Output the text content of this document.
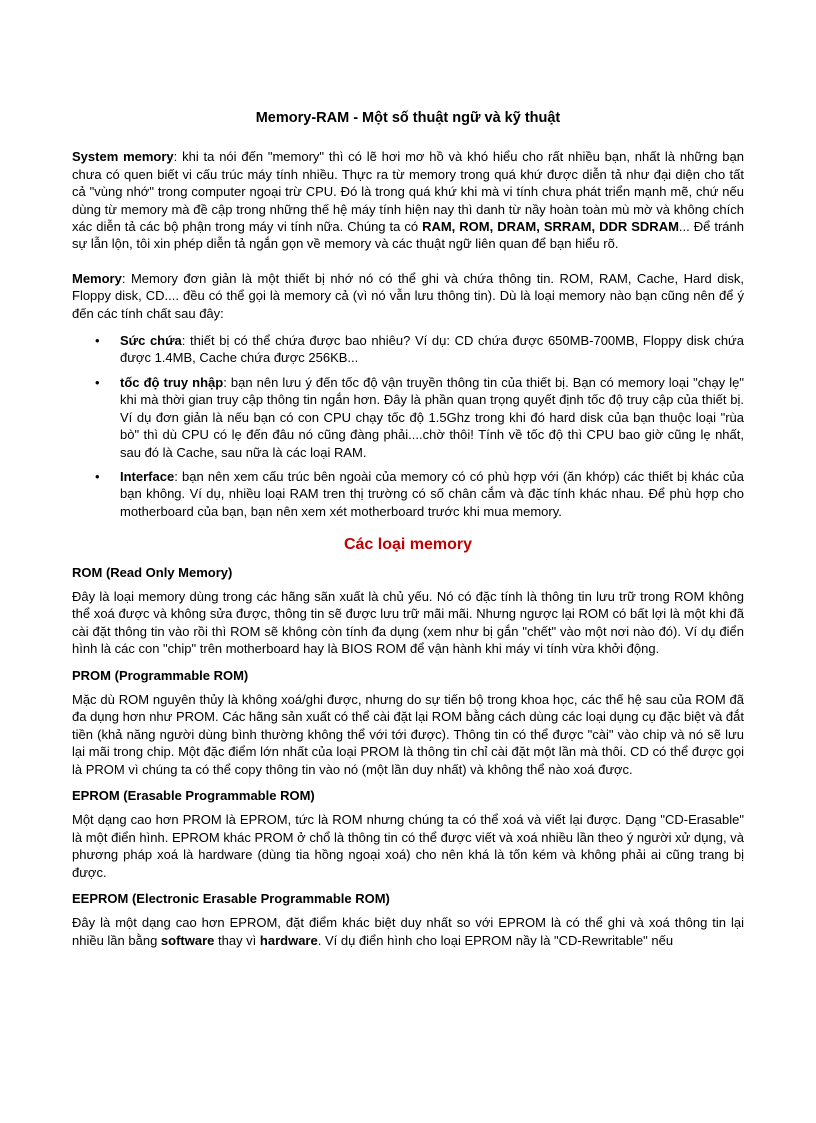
Memory-RAM - Một số thuật ngữ và kỹ thuật

System memory: khi ta nói đến "memory" thì có lẽ hơi mơ hồ và khó hiểu cho rất nhiều bạn, nhất là những bạn chưa có quen biết vi cấu trúc máy tính nhiều. Thực ra từ memory trong quá khứ được diễn tả như đại diện cho tất cả "vùng nhớ" trong computer ngoại trừ CPU. Đó là trong quá khứ khi mà vi tính chưa phát triển mạnh mẽ, chứ nếu dùng từ memory mà đề cập trong những thế hệ máy tính hiện nay thì danh từ nầy hoàn toàn mù mờ và không chích xác diễn tả các bộ phận trong máy vi tính nữa. Chúng ta có RAM, ROM, DRAM, SRRAM, DDR SDRAM... Để tránh sự lẫn lộn, tôi xin phép diễn tả ngắn gọn về memory và các thuật ngữ liên quan để bạn hiểu rõ.

Memory: Memory đơn giản là một thiết bị nhớ nó có thể ghi và chứa thông tin. ROM, RAM, Cache, Hard disk, Floppy disk, CD.... đều có thể gọi là memory cả (vì nó vẫn lưu thông tin). Dù là loại memory nào bạn cũng nên để ý đến các tính chất sau đây:

• Sức chứa: thiết bị có thể chứa được bao nhiêu? Ví dụ: CD chứa được 650MB-700MB, Floppy disk chứa được 1.4MB, Cache chứa được 256KB...
• tốc độ truy nhập: bạn nên lưu ý đến tốc độ vận truyền thông tin của thiết bị. Bạn có memory loại "chạy lẹ" khi mà thời gian truy cập thông tin ngắn hơn. Đây là phần quan trọng quyết định tốc độ truy cập của thiết bị. Ví dụ đơn giản là nếu bạn có con CPU chạy tốc độ 1.5Ghz trong khi đó hard disk của bạn thuộc loại "rùa bò" thì dù CPU có lẹ đến đâu nó cũng đàng phải....chờ thôi! Tính về tốc độ thì CPU bao giờ cũng lẹ nhất, sau đó là Cache, sau nữa là các loại RAM.
• Interface: bạn nên xem cấu trúc bên ngoài của memory có có phù hợp với (ăn khớp) các thiết bị khác của bạn không. Ví dụ, nhiều loại RAM tren thị trường có số chân cắm và đặc tính khác nhau. Để phù hợp cho motherboard của bạn, bạn nên xem xét motherboard trước khi mua memory.

Các loại memory

ROM (Read Only Memory)

Đây là loại memory dùng trong các hãng sãn xuất là chủ yếu. Nó có đặc tính là thông tin lưu trữ trong ROM không thể xoá được và không sửa được, thông tin sẽ được lưu trữ mãi mãi. Nhưng ngược lại ROM có bất lợi là một khi đã cài đặt thông tin vào rồi thì ROM sẽ không còn tính đa dụng (xem như bị gắn "chết" vào một nơi nào đó). Ví dụ điển hình là các con "chip" trên motherboard hay là BIOS ROM để vận hành khi máy vi tính vừa khởi động.

PROM (Programmable ROM)

Mặc dù ROM nguyên thủy là không xoá/ghi được, nhưng do sự tiến bộ trong khoa học, các thế hệ sau của ROM đã đa dụng hơn như PROM. Các hãng sản xuất có thể cài đặt lại ROM bằng cách dùng các loại dụng cụ đặc biệt và đắt tiền (khả năng người dùng bình thường không thể với tới được). Thông tin có thể được "cài" vào chip và nó sẽ lưu lại mãi trong chip. Một đặc điểm lớn nhất của loại PROM là thông tin chỉ cài đặt một lần mà thôi. CD có thể được gọi là PROM vì chúng ta có thể copy thông tin vào nó (một lần duy nhất) và không thể nào xoá được.

EPROM (Erasable Programmable ROM)

Một dạng cao hơn PROM là EPROM, tức là ROM nhưng chúng ta có thể xoá và viết lại được. Dạng "CD-Erasable" là một điển hình. EPROM khác PROM ở chổ là thông tin có thể được viết và xoá nhiều lần theo ý người xử dụng, và phương pháp xoá là hardware (dùng tia hồng ngoại xoá) cho nên khá là tốn kém và không phải ai cũng trang bị được.

EEPROM (Electronic Erasable Programmable ROM)

Đây là một dạng cao hơn EPROM, đặt điểm khác biệt duy nhất so với EPROM là có thể ghi và xoá thông tin lại nhiều lần bằng software thay vì hardware. Ví dụ điển hình cho loại EPROM nầy là "CD-Rewritable" nếu
